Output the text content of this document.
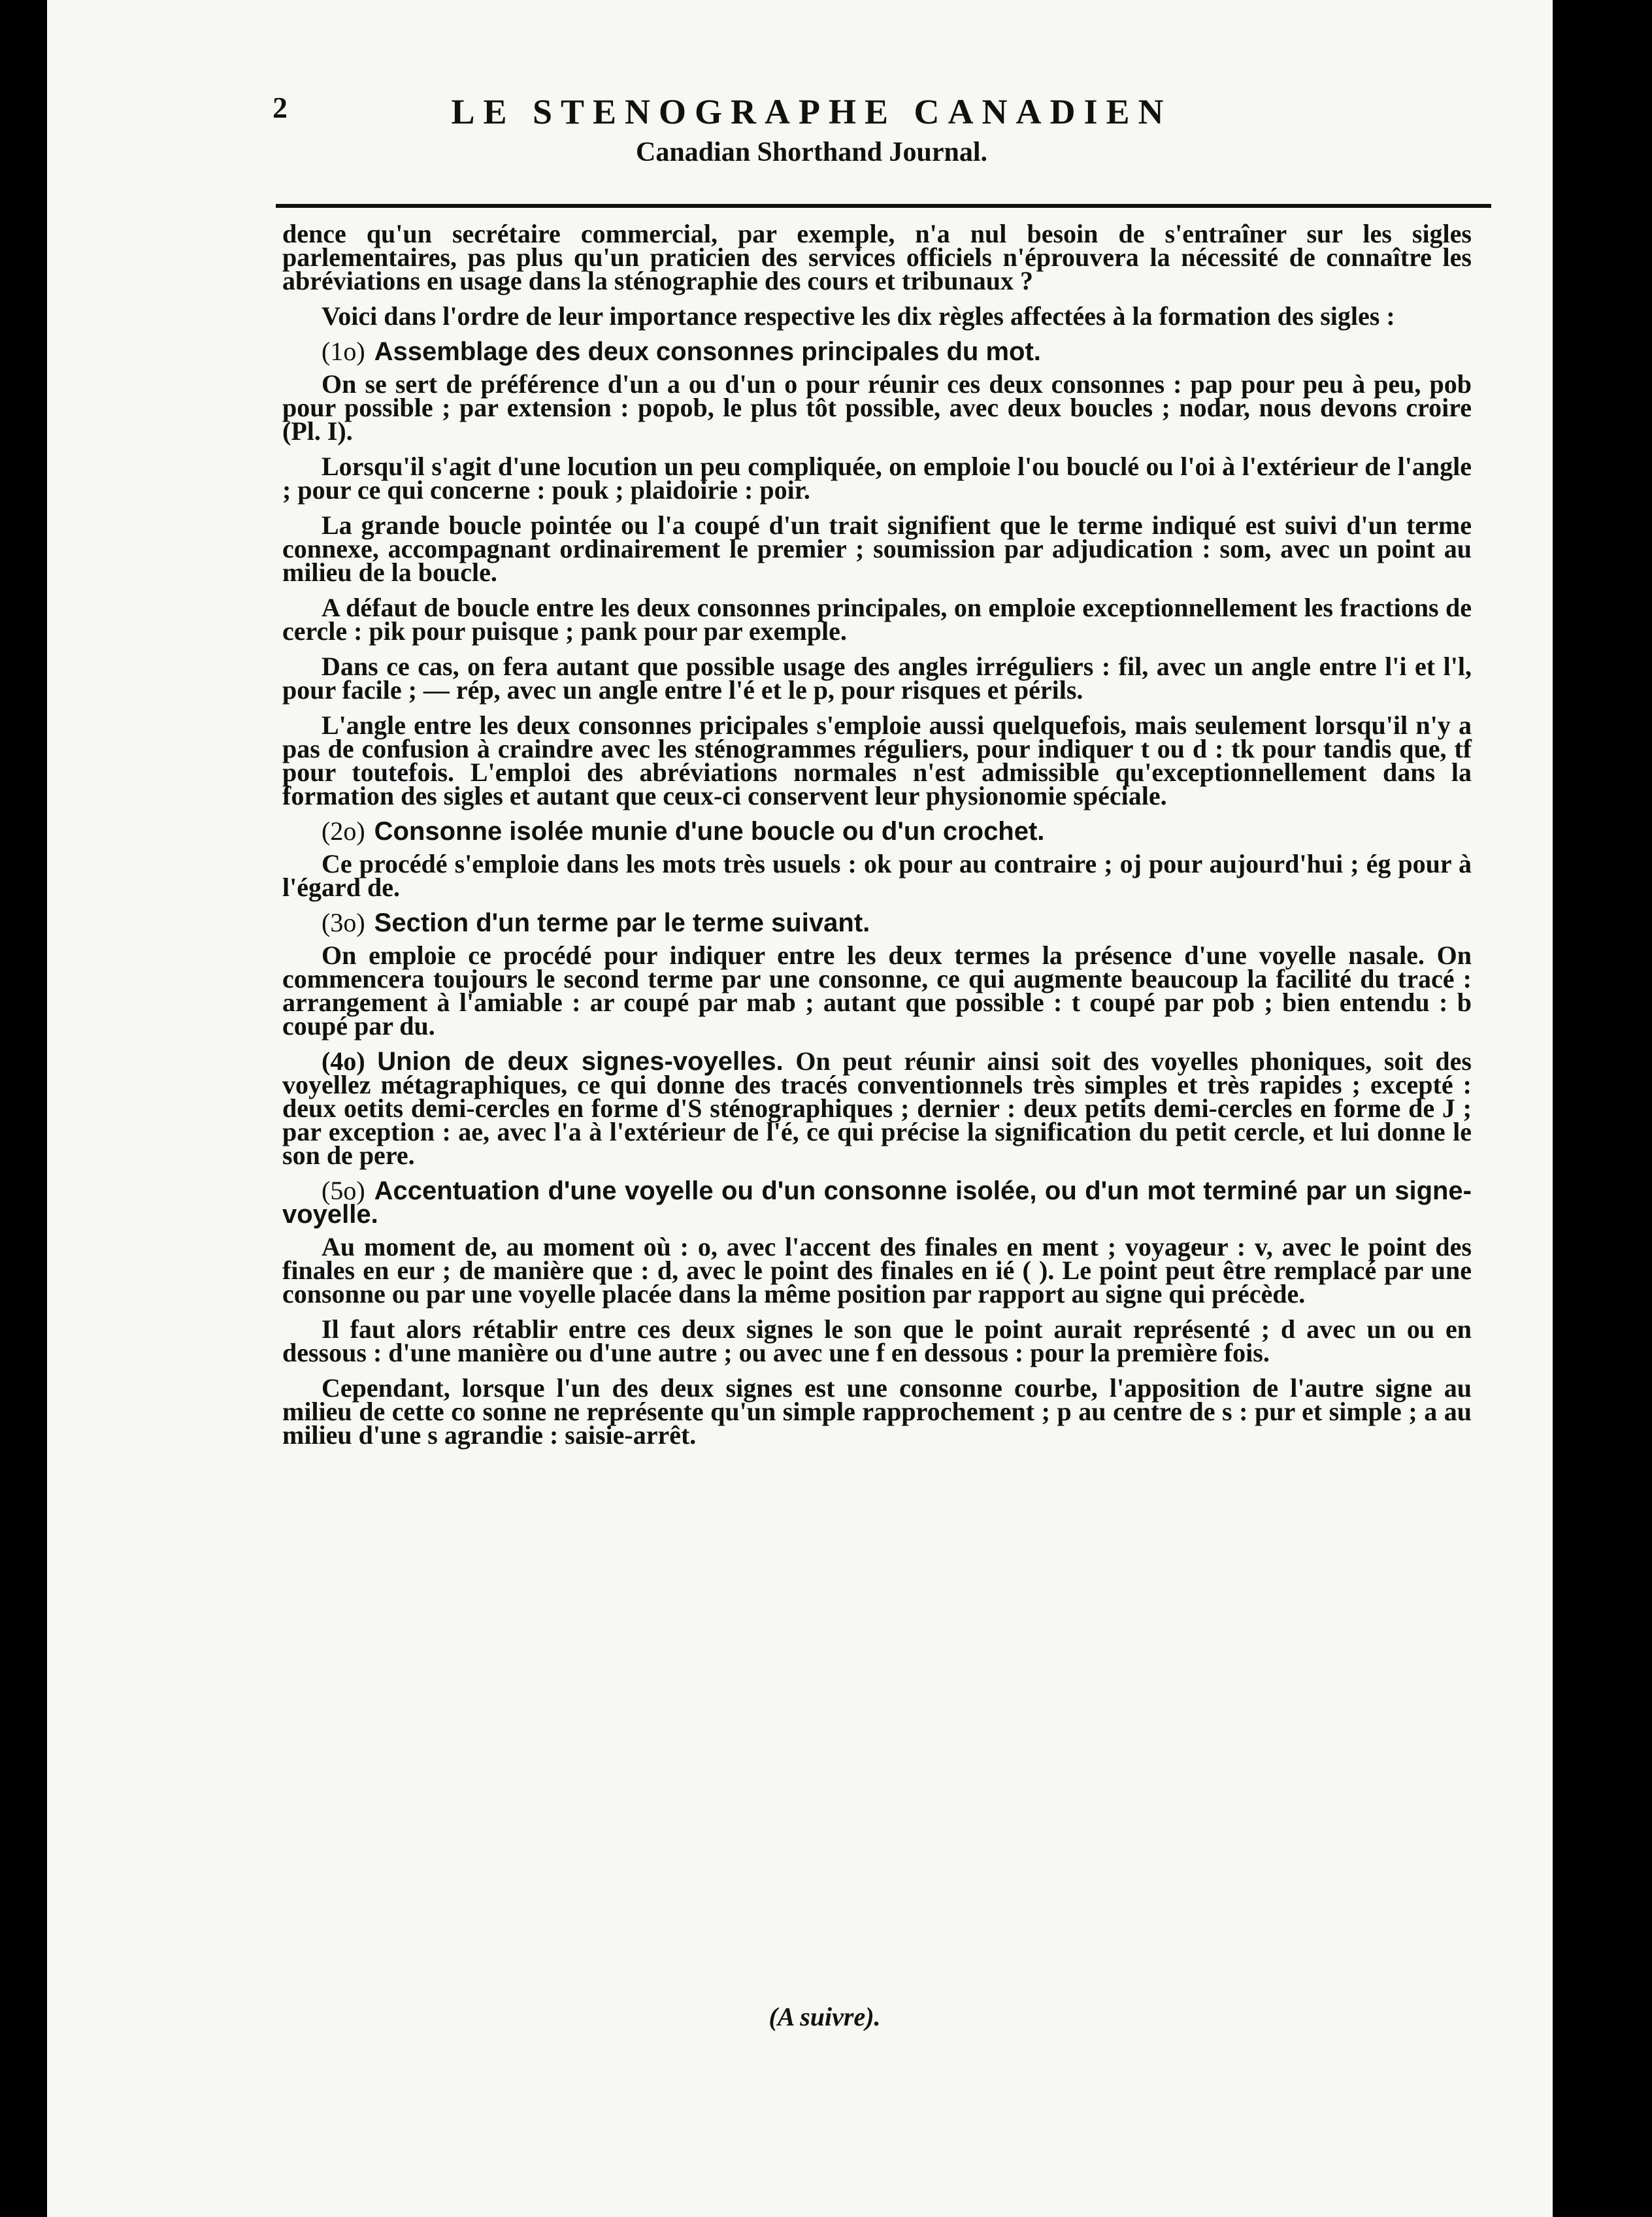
2	LE STENOGRAPHE CANADIEN
Canadian Shorthand Journal.

dence qu'un secrétaire commercial, par exemple, n'a nul besoin de s'entraîner sur les sigles parlementaires, pas plus qu'un praticien des services officiels n'éprouvera la nécessité de connaître les abréviations en usage dans la sténographie des cours et tribunaux ?

Voici dans l'ordre de leur importance respective les dix règles affectées à la formation des sigles :

(1o) Assemblage des deux consonnes principales du mot.

On se sert de préférence d'un a ou d'un o pour réunir ces deux consonnes : pap pour peu à peu, pob pour possible ; par extension : popob, le plus tôt possible, avec deux boucles ; nodar, nous devons croire (Pl. I).

Lorsqu'il s'agit d'une locution un peu compliquée, on emploie l'ou bouclé ou l'oi à l'extérieur de l'angle ; pour ce qui concerne : pouk ; plaidoirie : poir.

La grande boucle pointée ou l'a coupé d'un trait signifient que le terme indiqué est suivi d'un terme connexe, accompagnant ordinairement le premier ; soumission par adjudication : som, avec un point au milieu de la boucle.

A défaut de boucle entre les deux consonnes principales, on emploie exceptionnellement les fractions de cercle : pik pour puisque ; pank pour par exemple.

Dans ce cas, on fera autant que possible usage des angles irréguliers : fil, avec un angle entre l'i et l'l, pour facile ; — rép, avec un angle entre l'é et le p, pour risques et périls.

L'angle entre les deux consonnes pricipales s'emploie aussi quelquefois, mais seulement lorsqu'il n'y a pas de confusion à craindre avec les sténogrammes réguliers, pour indiquer t ou d : tk pour tandis que, tf pour toutefois. L'emploi des abréviations normales n'est admissible qu'exceptionnellement dans la formation des sigles et autant que ceux-ci conservent leur physionomie spéciale.

(2o) Consonne isolée munie d'une boucle ou d'un crochet.

Ce procédé s'emploie dans les mots très usuels : ok pour au contraire ; oj pour aujourd'hui ; ég pour à l'égard de.

(3o) Section d'un terme par le terme suivant.

On emploie ce procédé pour indiquer entre les deux termes la présence d'une voyelle nasale. On commencera toujours le second terme par une consonne, ce qui augmente beaucoup la facilité du tracé : arrangement à l'amiable : ar coupé par mab ; autant que possible : t coupé par pob ; bien entendu : b coupé par du.

(4o) Union de deux signes-voyelles. On peut réunir ainsi soit des voyelles phoniques, soit des voyellez métagraphiques, ce qui donne des tracés conventionnels très simples et très rapides ; excepté : deux oetits demi-cercles en forme d'S sténographiques ; dernier : deux petits demi-cercles en forme de J ; par exception : ae, avec l'a à l'extérieur de l'é, ce qui précise la signification du petit cercle, et lui donne le son de pere.

(5o) Accentuation d'une voyelle ou d'un consonne isolée, ou d'un mot terminé par un signe-voyelle.

Au moment de, au moment où : o, avec l'accent des finales en ment ; voyageur : v, avec le point des finales en eur ; de manière que : d, avec le point des finales en ié ( ). Le point peut être remplacé par une consonne ou par une voyelle placée dans la même position par rapport au signe qui précède.

Il faut alors rétablir entre ces deux signes le son que le point aurait représenté ; d avec un ou en dessous : d'une manière ou d'une autre ; ou avec une f en dessous : pour la première fois.

Cependant, lorsque l'un des deux signes est une consonne courbe, l'apposition de l'autre signe au milieu de cette co sonne ne représente qu'un simple rapprochement ; p au centre de s : pur et simple ; a au milieu d'une s agrandie : saisie-arrêt.

(A suivre).
